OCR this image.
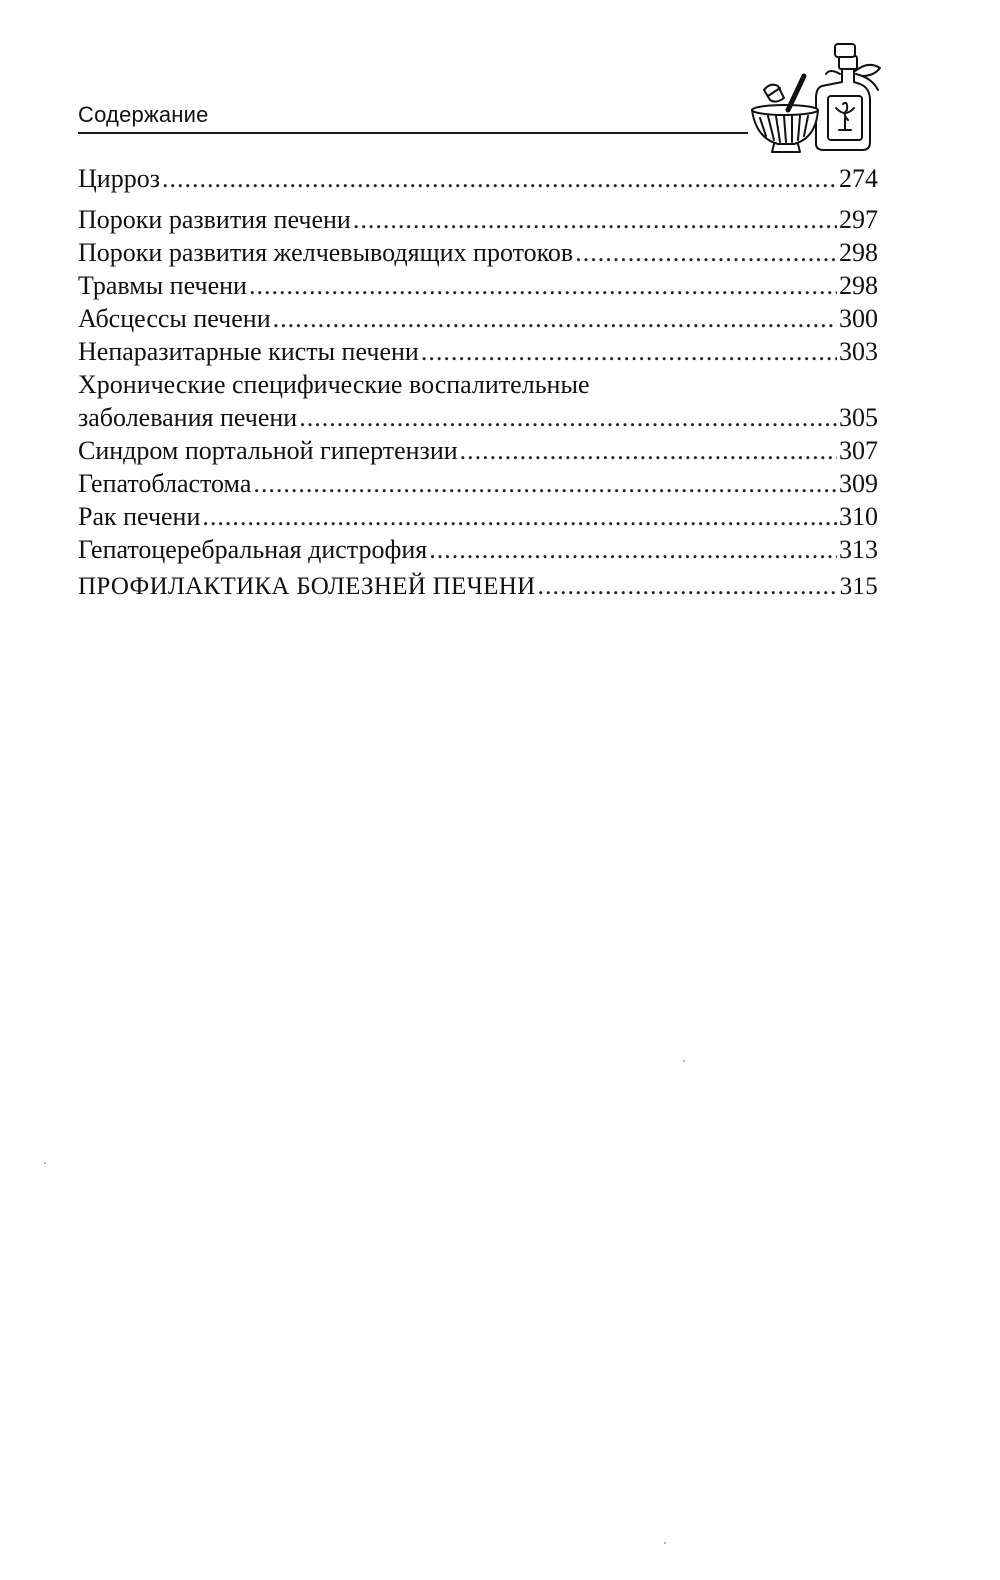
Содержание
Цирроз .....	274
Пороки развития печени .....	297
Пороки развития желчевыводящих протоков .....	298
Травмы печени .....	298
Абсцессы печени .....	300
Непаразитарные кисты печени .....	303
Хронические специфические воспалительные
заболевания печени .....	305
Синдром портальной гипертензии .....	307
Гепатобластома .....	309
Рак печени .....	310
Гепатоцеребральная дистрофия .....	313
ПРОФИЛАКТИКА БОЛЕЗНЕЙ ПЕЧЕНИ .....	315
